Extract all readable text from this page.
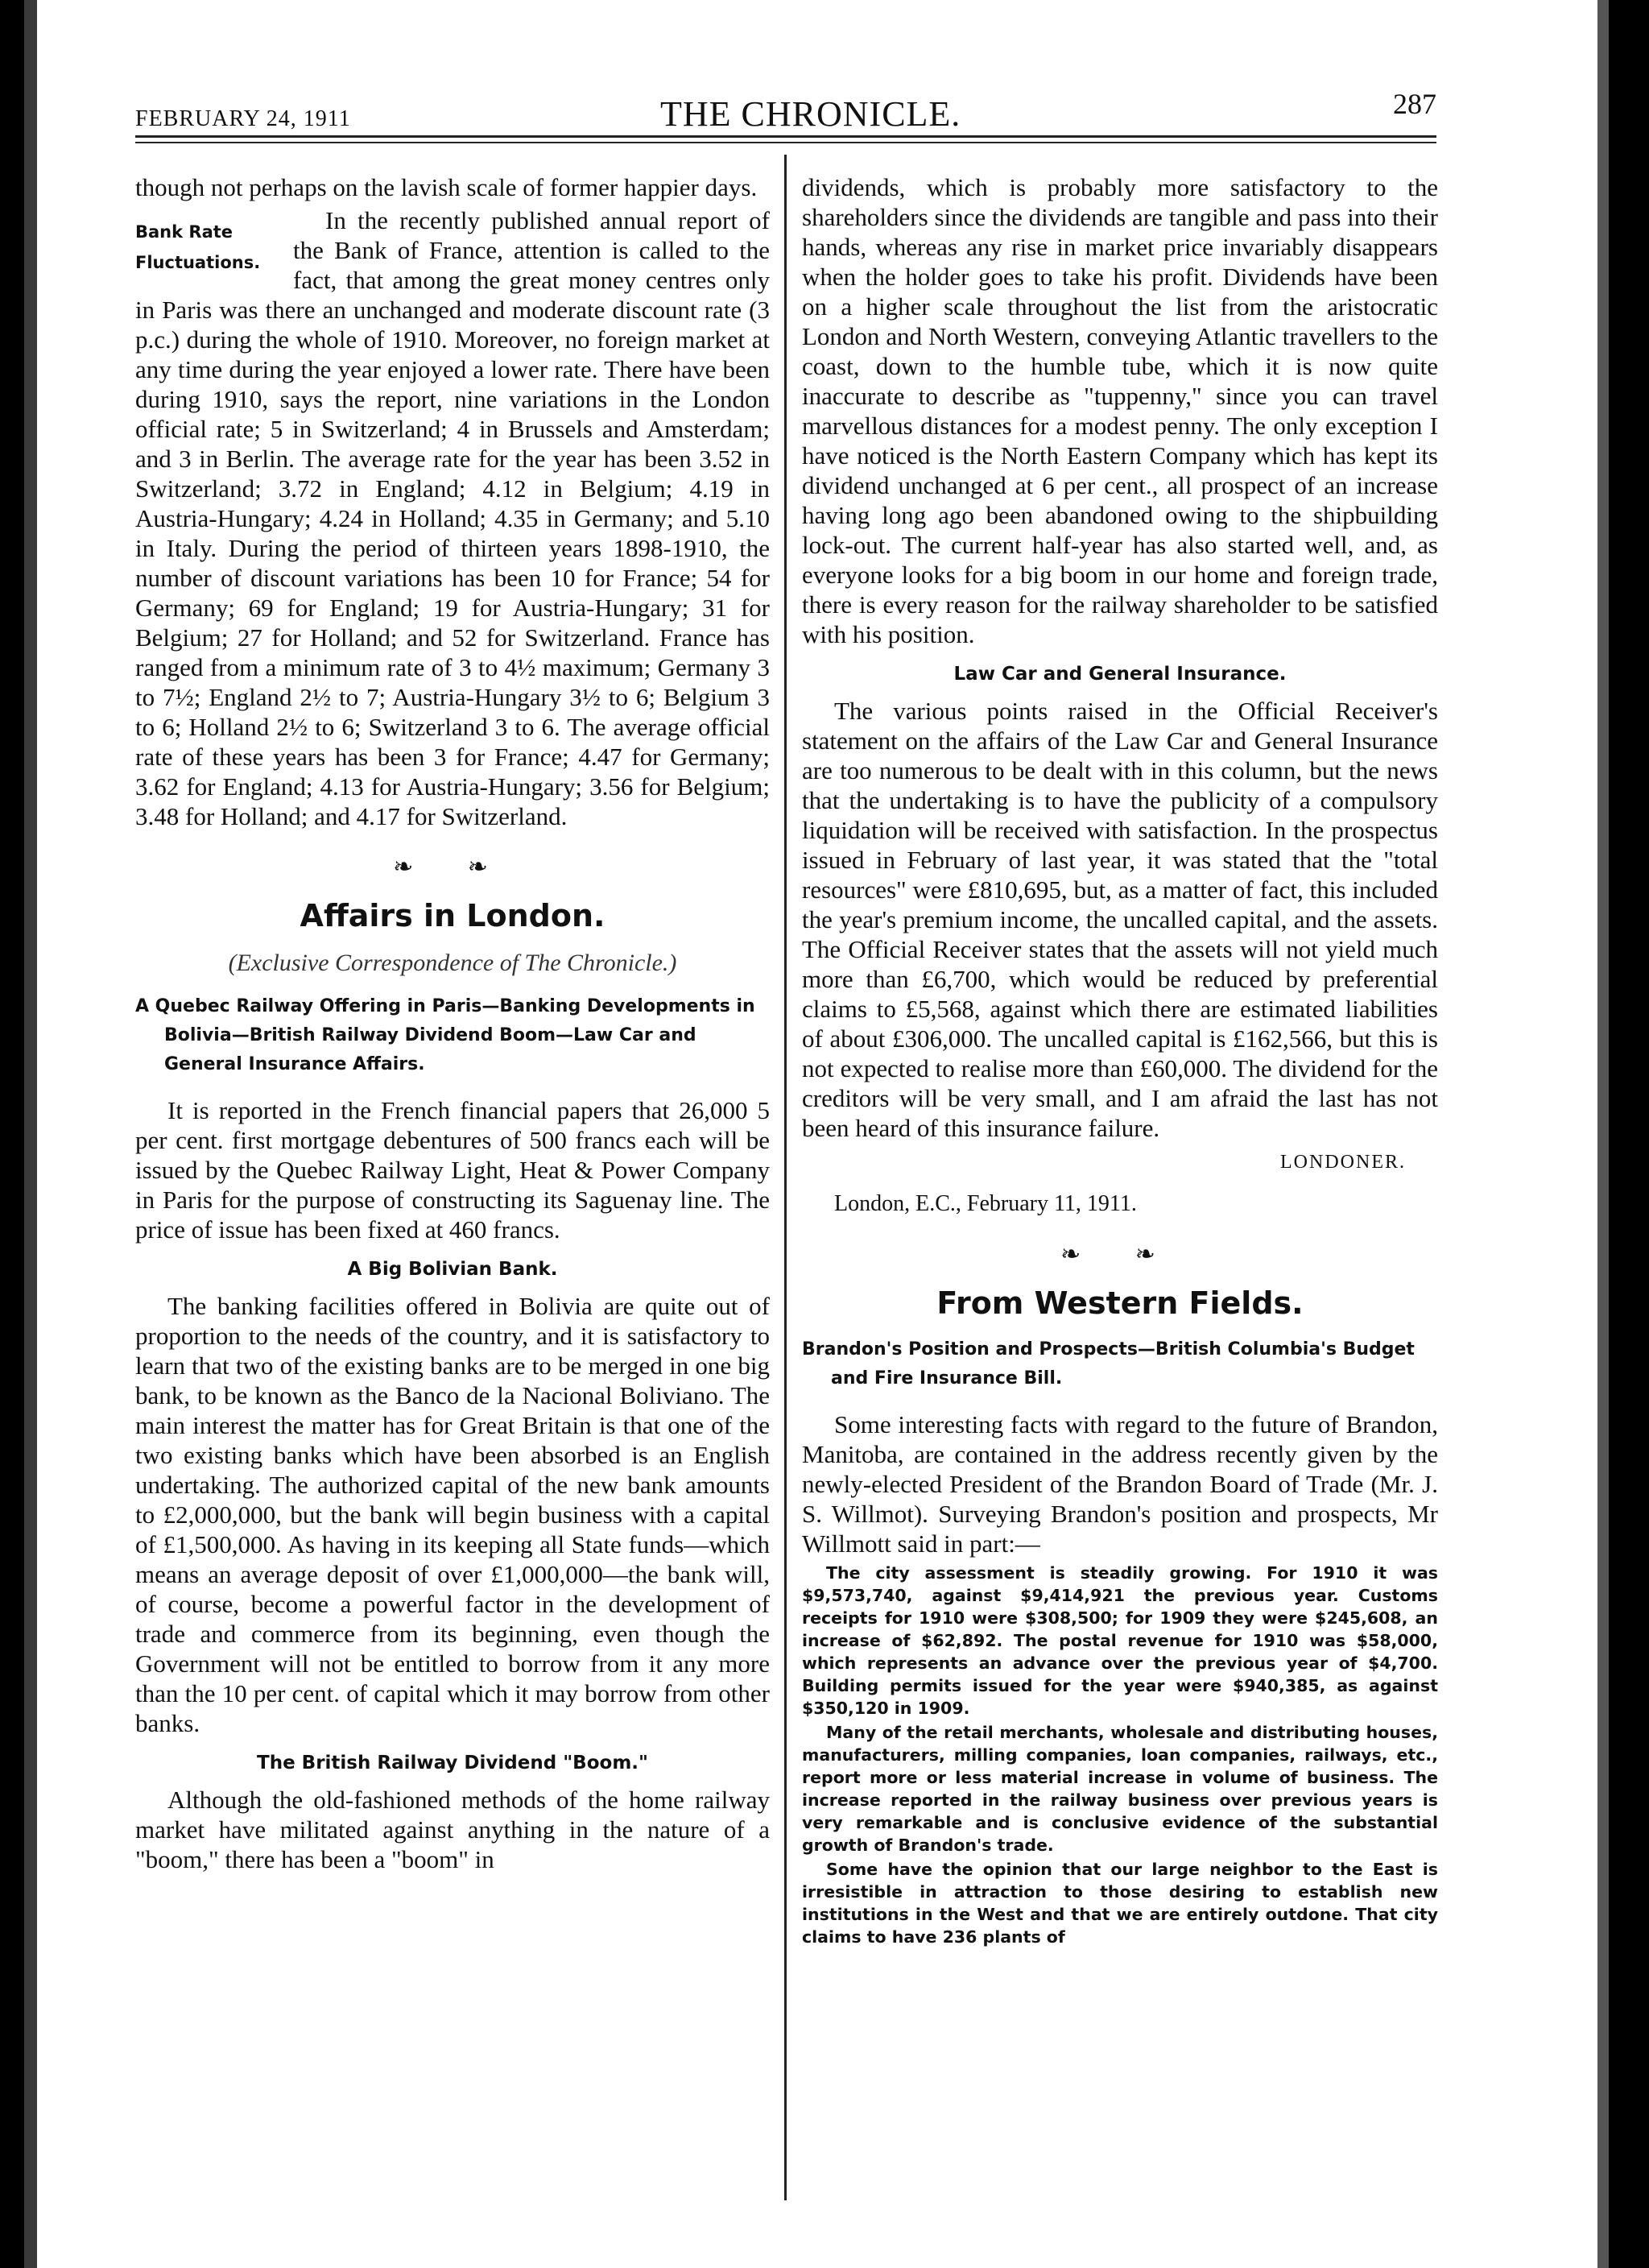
FEBRUARY 24, 1911	THE CHRONICLE.	287

though not perhaps on the lavish scale of former happier days.

Bank Rate
Fluctuations.

In the recently published annual report of the Bank of France, attention is called to the fact, that among the great money centres only in Paris was there an unchanged and moderate discount rate (3 p.c.) during the whole of 1910. Moreover, no foreign market at any time during the year enjoyed a lower rate. There have been during 1910, says the report, nine variations in the London official rate; 5 in Switzerland; 4 in Brussels and Amsterdam; and 3 in Berlin. The average rate for the year has been 3.52 in Switzerland; 3.72 in England; 4.12 in Belgium; 4.19 in Austria-Hungary; 4.24 in Holland; 4.35 in Germany; and 5.10 in Italy. During the period of thirteen years 1898-1910, the number of discount variations has been 10 for France; 54 for Germany; 69 for England; 19 for Austria-Hungary; 31 for Belgium; 27 for Holland; and 52 for Switzerland. France has ranged from a minimum rate of 3 to 4½ maximum; Germany 3 to 7½; England 2½ to 7; Austria-Hungary 3½ to 6; Belgium 3 to 6; Holland 2½ to 6; Switzerland 3 to 6. The average official rate of these years has been 3 for France; 4.47 for Germany; 3.62 for England; 4.13 for Austria-Hungary; 3.56 for Belgium; 3.48 for Holland; and 4.17 for Switzerland.

❧ ❧
Affairs in London.
(Exclusive Correspondence of The Chronicle.)
A Quebec Railway Offering in Paris—Banking Developments in Bolivia—British Railway Dividend Boom—Law Car and General Insurance Affairs.

It is reported in the French financial papers that 26,000 5 per cent. first mortgage debentures of 500 francs each will be issued by the Quebec Railway Light, Heat & Power Company in Paris for the purpose of constructing its Saguenay line. The price of issue has been fixed at 460 francs.

A Big Bolivian Bank.

The banking facilities offered in Bolivia are quite out of proportion to the needs of the country, and it is satisfactory to learn that two of the existing banks are to be merged in one big bank, to be known as the Banco de la Nacional Boliviano. The main interest the matter has for Great Britain is that one of the two existing banks which have been absorbed is an English undertaking. The authorized capital of the new bank amounts to £2,000,000, but the bank will begin business with a capital of £1,500,000. As having in its keeping all State funds—which means an average deposit of over £1,000,000—the bank will, of course, become a powerful factor in the development of trade and commerce from its beginning, even though the Government will not be entitled to borrow from it any more than the 10 per cent. of capital which it may borrow from other banks.

The British Railway Dividend "Boom."

Although the old-fashioned methods of the home railway market have militated against anything in the nature of a "boom," there has been a "boom" in

dividends, which is probably more satisfactory to the shareholders since the dividends are tangible and pass into their hands, whereas any rise in market price invariably disappears when the holder goes to take his profit. Dividends have been on a higher scale throughout the list from the aristocratic London and North Western, conveying Atlantic travellers to the coast, down to the humble tube, which it is now quite inaccurate to describe as "tuppenny," since you can travel marvellous distances for a modest penny. The only exception I have noticed is the North Eastern Company which has kept its dividend unchanged at 6 per cent., all prospect of an increase having long ago been abandoned owing to the shipbuilding lock-out. The current half-year has also started well, and, as everyone looks for a big boom in our home and foreign trade, there is every reason for the railway shareholder to be satisfied with his position.

Law Car and General Insurance.

The various points raised in the Official Receiver's statement on the affairs of the Law Car and General Insurance are too numerous to be dealt with in this column, but the news that the undertaking is to have the publicity of a compulsory liquidation will be received with satisfaction. In the prospectus issued in February of last year, it was stated that the "total resources" were £810,695, but, as a matter of fact, this included the year's premium income, the uncalled capital, and the assets. The Official Receiver states that the assets will not yield much more than £6,700, which would be reduced by preferential claims to £5,568, against which there are estimated liabilities of about £306,000. The uncalled capital is £162,566, but this is not expected to realise more than £60,000. The dividend for the creditors will be very small, and I am afraid the last has not been heard of this insurance failure.

LONDONER.
London, E.C., February 11, 1911.
❧ ❧
From Western Fields.
Brandon's Position and Prospects—British Columbia's Budget and Fire Insurance Bill.

Some interesting facts with regard to the future of Brandon, Manitoba, are contained in the address recently given by the newly-elected President of the Brandon Board of Trade (Mr. J. S. Willmot). Surveying Brandon's position and prospects, Mr Willmott said in part:—

The city assessment is steadily growing. For 1910 it was $9,573,740, against $9,414,921 the previous year. Customs receipts for 1910 were $308,500; for 1909 they were $245,608, an increase of $62,892. The postal revenue for 1910 was $58,000, which represents an advance over the previous year of $4,700. Building permits issued for the year were $940,385, as against $350,120 in 1909.

Many of the retail merchants, wholesale and distributing houses, manufacturers, milling companies, loan companies, railways, etc., report more or less material increase in volume of business. The increase reported in the railway business over previous years is very remarkable and is conclusive evidence of the substantial growth of Brandon's trade.

Some have the opinion that our large neighbor to the East is irresistible in attraction to those desiring to establish new institutions in the West and that we are entirely outdone. That city claims to have 236 plants of
